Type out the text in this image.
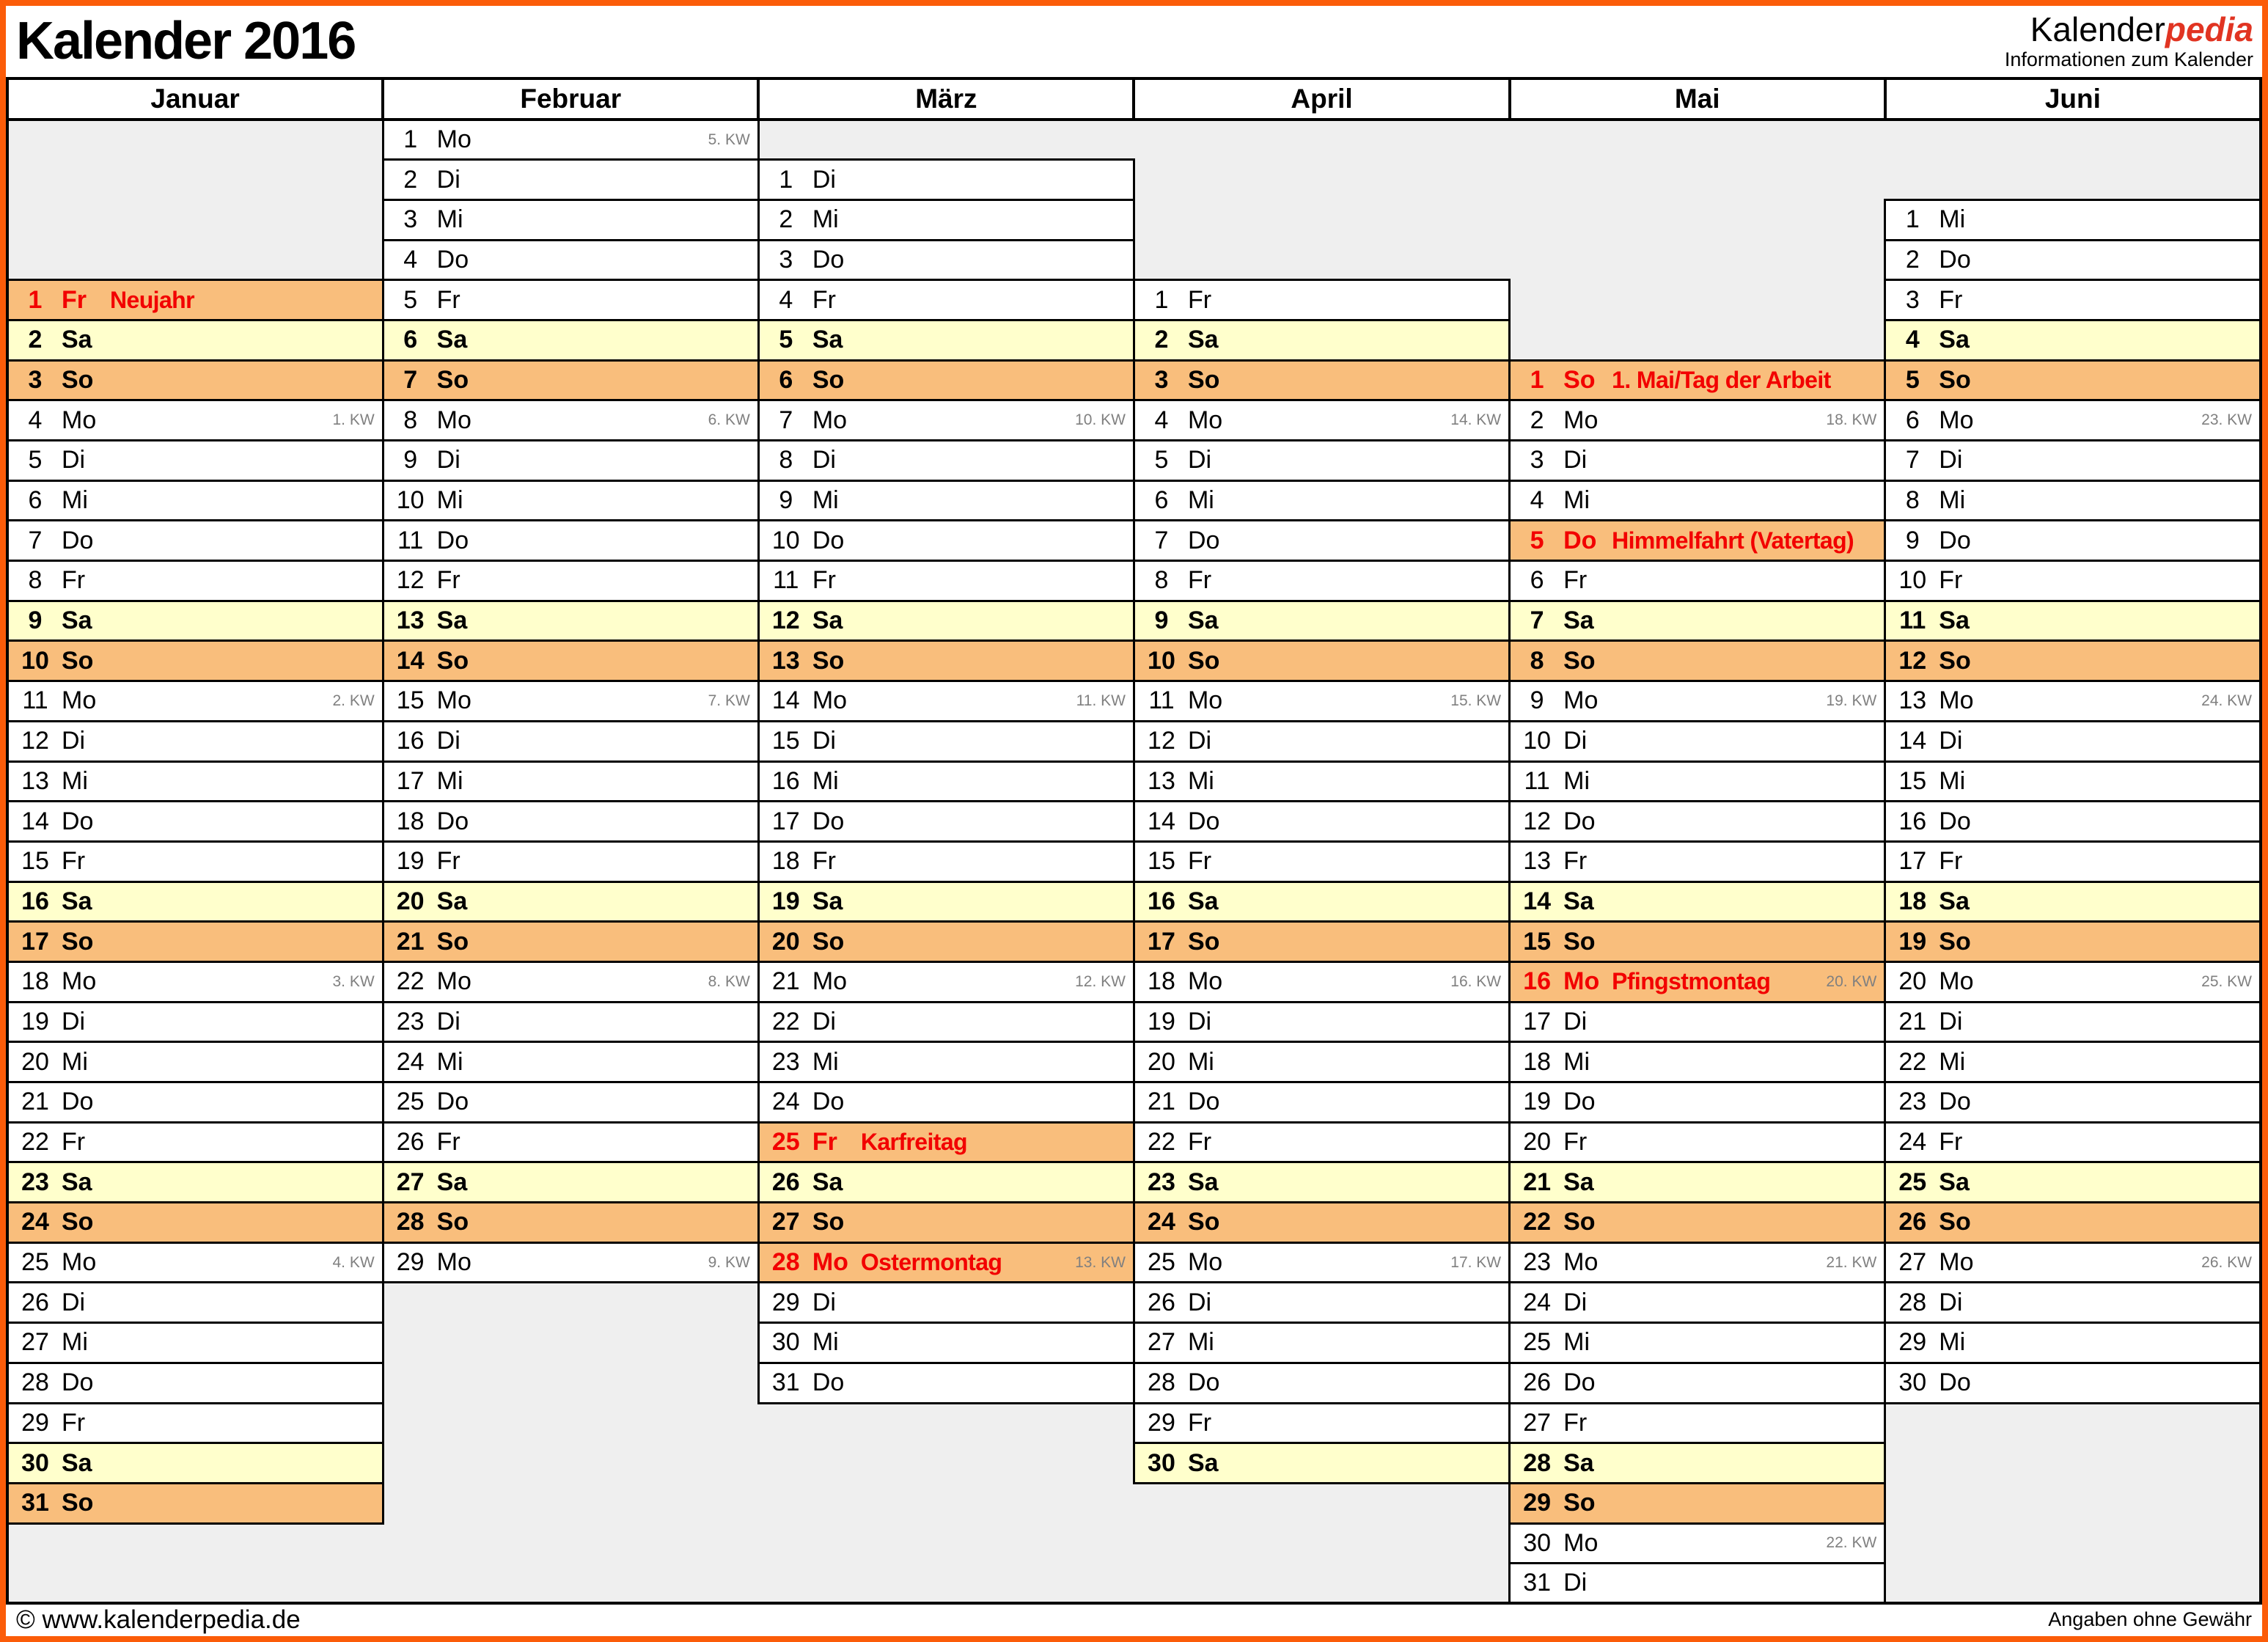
Kalender 2016	Kalenderpedia
Informationen zum Kalender
Januar	Februar	März	April	Mai	Juni

	1 Mo 5. KW				

	2 Di	1 Di			

	3 Mi	2 Mi			1 Mi

	4 Do	3 Do			2 Do

1 Fr Neujahr	5 Fr	4 Fr	1 Fr		3 Fr

2 Sa	6 Sa	5 Sa	2 Sa		4 Sa

3 So	7 So	6 So	3 So	1 So 1. Mai/Tag der Arbeit	5 So

4 Mo 1. KW	8 Mo 6. KW	7 Mo 10. KW	4 Mo 14. KW	2 Mo 18. KW	6 Mo 23. KW

5 Di	9 Di	8 Di	5 Di	3 Di	7 Di

6 Mi	10 Mi	9 Mi	6 Mi	4 Mi	8 Mi

7 Do	11 Do	10 Do	7 Do	5 Do Himmelfahrt (Vatertag)	9 Do

8 Fr	12 Fr	11 Fr	8 Fr	6 Fr	10 Fr

9 Sa	13 Sa	12 Sa	9 Sa	7 Sa	11 Sa

10 So	14 So	13 So	10 So	8 So	12 So

11 Mo 2. KW	15 Mo 7. KW	14 Mo 11. KW	11 Mo 15. KW	9 Mo 19. KW	13 Mo 24. KW

12 Di	16 Di	15 Di	12 Di	10 Di	14 Di

13 Mi	17 Mi	16 Mi	13 Mi	11 Mi	15 Mi

14 Do	18 Do	17 Do	14 Do	12 Do	16 Do

15 Fr	19 Fr	18 Fr	15 Fr	13 Fr	17 Fr

16 Sa	20 Sa	19 Sa	16 Sa	14 Sa	18 Sa

17 So	21 So	20 So	17 So	15 So	19 So

18 Mo 3. KW	22 Mo 8. KW	21 Mo 12. KW	18 Mo 16. KW	16 Mo Pfingstmontag 20. KW	20 Mo 25. KW

19 Di	23 Di	22 Di	19 Di	17 Di	21 Di

20 Mi	24 Mi	23 Mi	20 Mi	18 Mi	22 Mi

21 Do	25 Do	24 Do	21 Do	19 Do	23 Do

22 Fr	26 Fr	25 Fr Karfreitag	22 Fr	20 Fr	24 Fr

23 Sa	27 Sa	26 Sa	23 Sa	21 Sa	25 Sa

24 So	28 So	27 So	24 So	22 So	26 So

25 Mo 4. KW	29 Mo 9. KW	28 Mo Ostermontag 13. KW	25 Mo 17. KW	23 Mo 21. KW	27 Mo 26. KW

26 Di		29 Di	26 Di	24 Di	28 Di

27 Mi		30 Mi	27 Mi	25 Mi	29 Mi

28 Do		31 Do	28 Do	26 Do	30 Do

29 Fr			29 Fr	27 Fr	

30 Sa			30 Sa	28 Sa	

31 So				29 So	

				30 Mo 22. KW	

				31 Di	

© www.kalenderpedia.de	Angaben ohne Gewähr
